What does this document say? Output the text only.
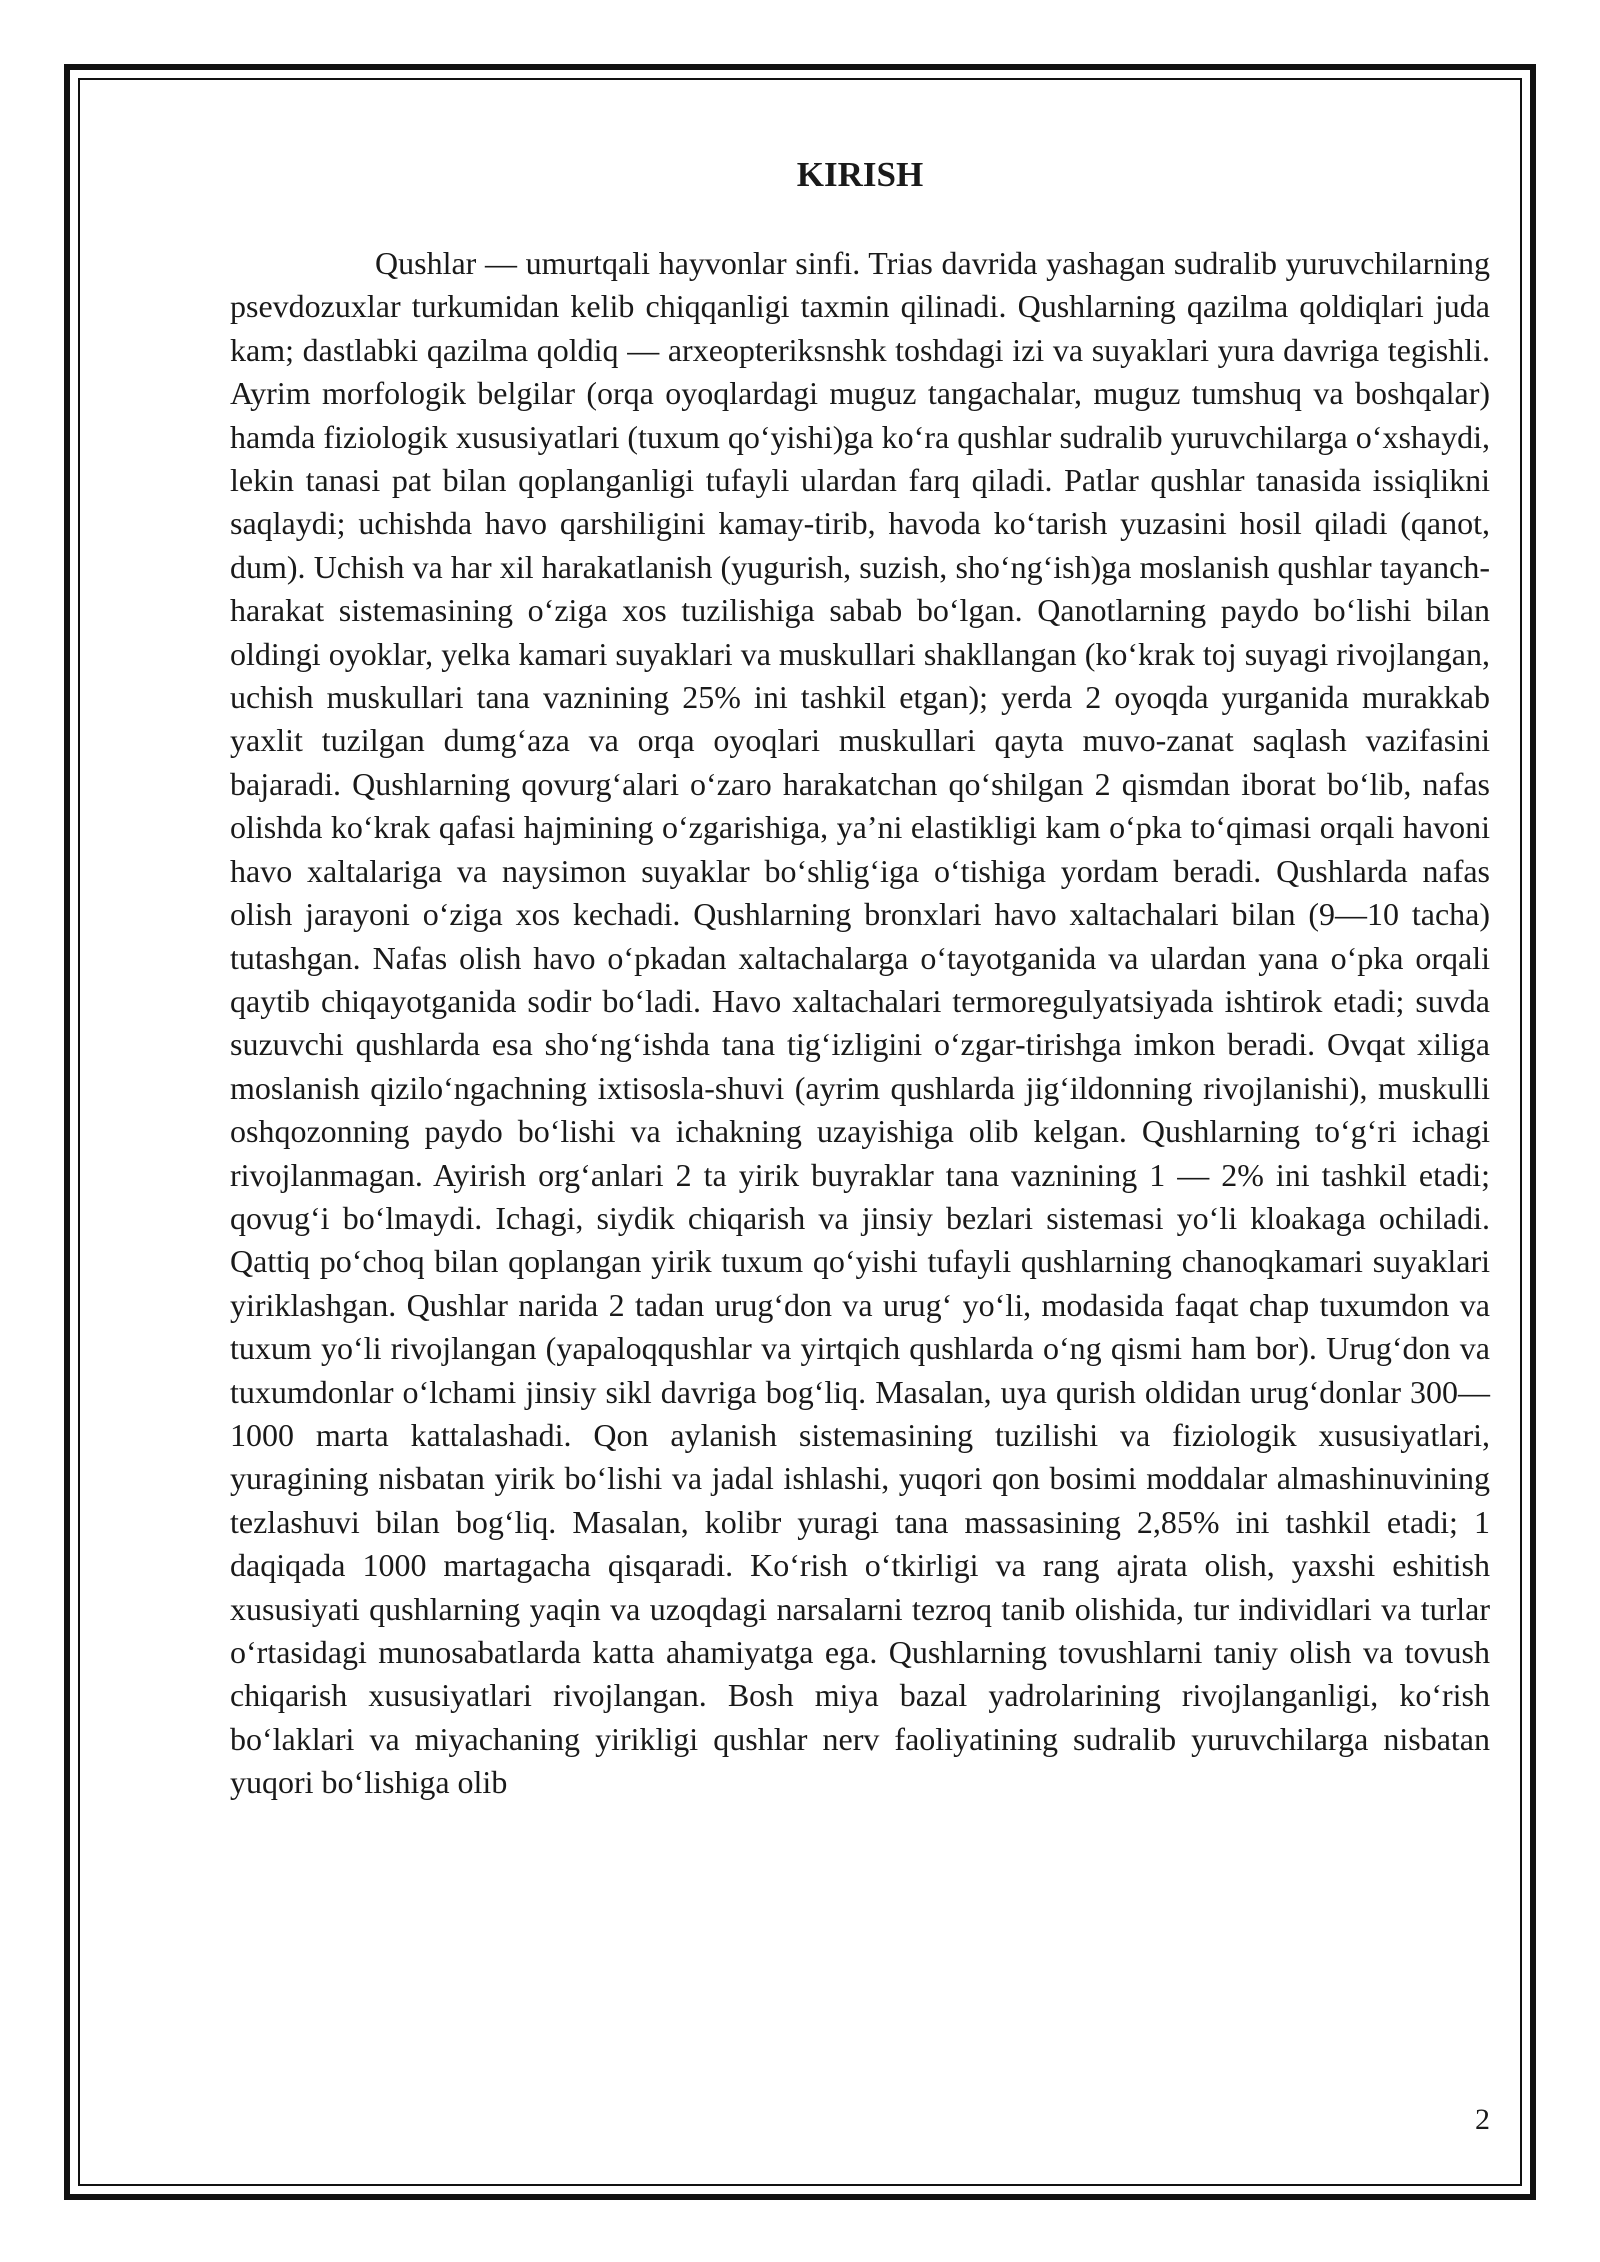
KIRISH

Qushlar — umurtqali hayvonlar sinfi. Trias davrida yashagan sudralib yuruvchilarning psevdozuxlar turkumidan kelib chiqqanligi taxmin qilinadi. Qushlarning qazilma qoldiqlari juda kam; dastlabki qazilma qoldiq — arxeopteriksnshk toshdagi izi va suyaklari yura davriga tegishli. Ayrim morfologik belgilar (orqa oyoqlardagi muguz tangachalar, muguz tumshuq va boshqalar) hamda fiziologik xususiyatlari (tuxum qoʻyishi)ga koʻra qushlar sudralib yuruvchilarga oʻxshaydi, lekin tanasi pat bilan qoplanganligi tufayli ulardan farq qiladi. Patlar qushlar tanasida issiqlikni saqlaydi; uchishda havo qarshiligini kamay-tirib, havoda koʻtarish yuzasini hosil qiladi (qanot, dum). Uchish va har xil harakatlanish (yugurish, suzish, shoʻngʻish)ga moslanish qushlar tayanch-harakat sistemasining oʻziga xos tuzilishiga sabab boʻlgan. Qanotlarning paydo boʻlishi bilan oldingi oyoklar, yelka kamari suyaklari va muskullari shakllangan (koʻkrak toj suyagi rivojlangan, uchish muskullari tana vaznining 25% ini tashkil etgan); yerda 2 oyoqda yurganida murakkab yaxlit tuzilgan dumgʻaza va orqa oyoqlari muskullari qayta muvo-zanat saqlash vazifasini bajaradi. Qushlarning qovurgʻalari oʻzaro harakatchan qoʻshilgan 2 qismdan iborat boʻlib, nafas olishda koʻkrak qafasi hajmining oʻzgarishiga, yaʼni elastikligi kam oʻpka toʻqimasi orqali havoni havo xaltalariga va naysimon suyaklar boʻshligʻiga oʻtishiga yordam beradi. Qushlarda nafas olish jarayoni oʻziga xos kechadi. Qushlarning bronxlari havo xaltachalari bilan (9—10 tacha) tutashgan. Nafas olish havo oʻpkadan xaltachalarga oʻtayotganida va ulardan yana oʻpka orqali qaytib chiqayotganida sodir boʻladi. Havo xaltachalari termoregulyatsiyada ishtirok etadi; suvda suzuvchi qushlarda esa shoʻngʻishda tana tigʻizligini oʻzgar-tirishga imkon beradi. Ovqat xiliga moslanish qiziloʻngachning ixtisosla-shuvi (ayrim qushlarda jigʻildonning rivojlanishi), muskulli oshqozonning paydo boʻlishi va ichakning uzayishiga olib kelgan. Qushlarning toʻgʻri ichagi rivojlanmagan. Ayirish orgʻanlari 2 ta yirik buyraklar tana vaznining 1 — 2% ini tashkil etadi; qovugʻi boʻlmaydi. Ichagi, siydik chiqarish va jinsiy bezlari sistemasi yoʻli kloakaga ochiladi. Qattiq poʻchoq bilan qoplangan yirik tuxum qoʻyishi tufayli qushlarning chanoqkamari suyaklari yiriklashgan. Qushlar narida 2 tadan urugʻdon va urugʻ yoʻli, modasida faqat chap tuxumdon va tuxum yoʻli rivojlangan (yapaloqqushlar va yirtqich qushlarda oʻng qismi ham bor). Urugʻdon va tuxumdonlar oʻlchami jinsiy sikl davriga bogʻliq. Masalan, uya qurish oldidan urugʻdonlar 300—1000 marta kattalashadi. Qon aylanish sistemasining tuzilishi va fiziologik xususiyatlari, yuragining nisbatan yirik boʻlishi va jadal ishlashi, yuqori qon bosimi moddalar almashinuvining tezlashuvi bilan bogʻliq. Masalan, kolibr yuragi tana massasining 2,85% ini tashkil etadi; 1 daqiqada 1000 martagacha qisqaradi. Koʻrish oʻtkirligi va rang ajrata olish, yaxshi eshitish xususiyati qushlarning yaqin va uzoqdagi narsalarni tezroq tanib olishida, tur individlari va turlar oʻrtasidagi munosabatlarda katta ahamiyatga ega. Qushlarning tovushlarni taniy olish va tovush chiqarish xususiyatlari rivojlangan. Bosh miya bazal yadrolarining rivojlanganligi, koʻrish boʻlaklari va miyachaning yirikligi qushlar nerv faoliyatining sudralib yuruvchilarga nisbatan yuqori boʻlishiga olib

2
